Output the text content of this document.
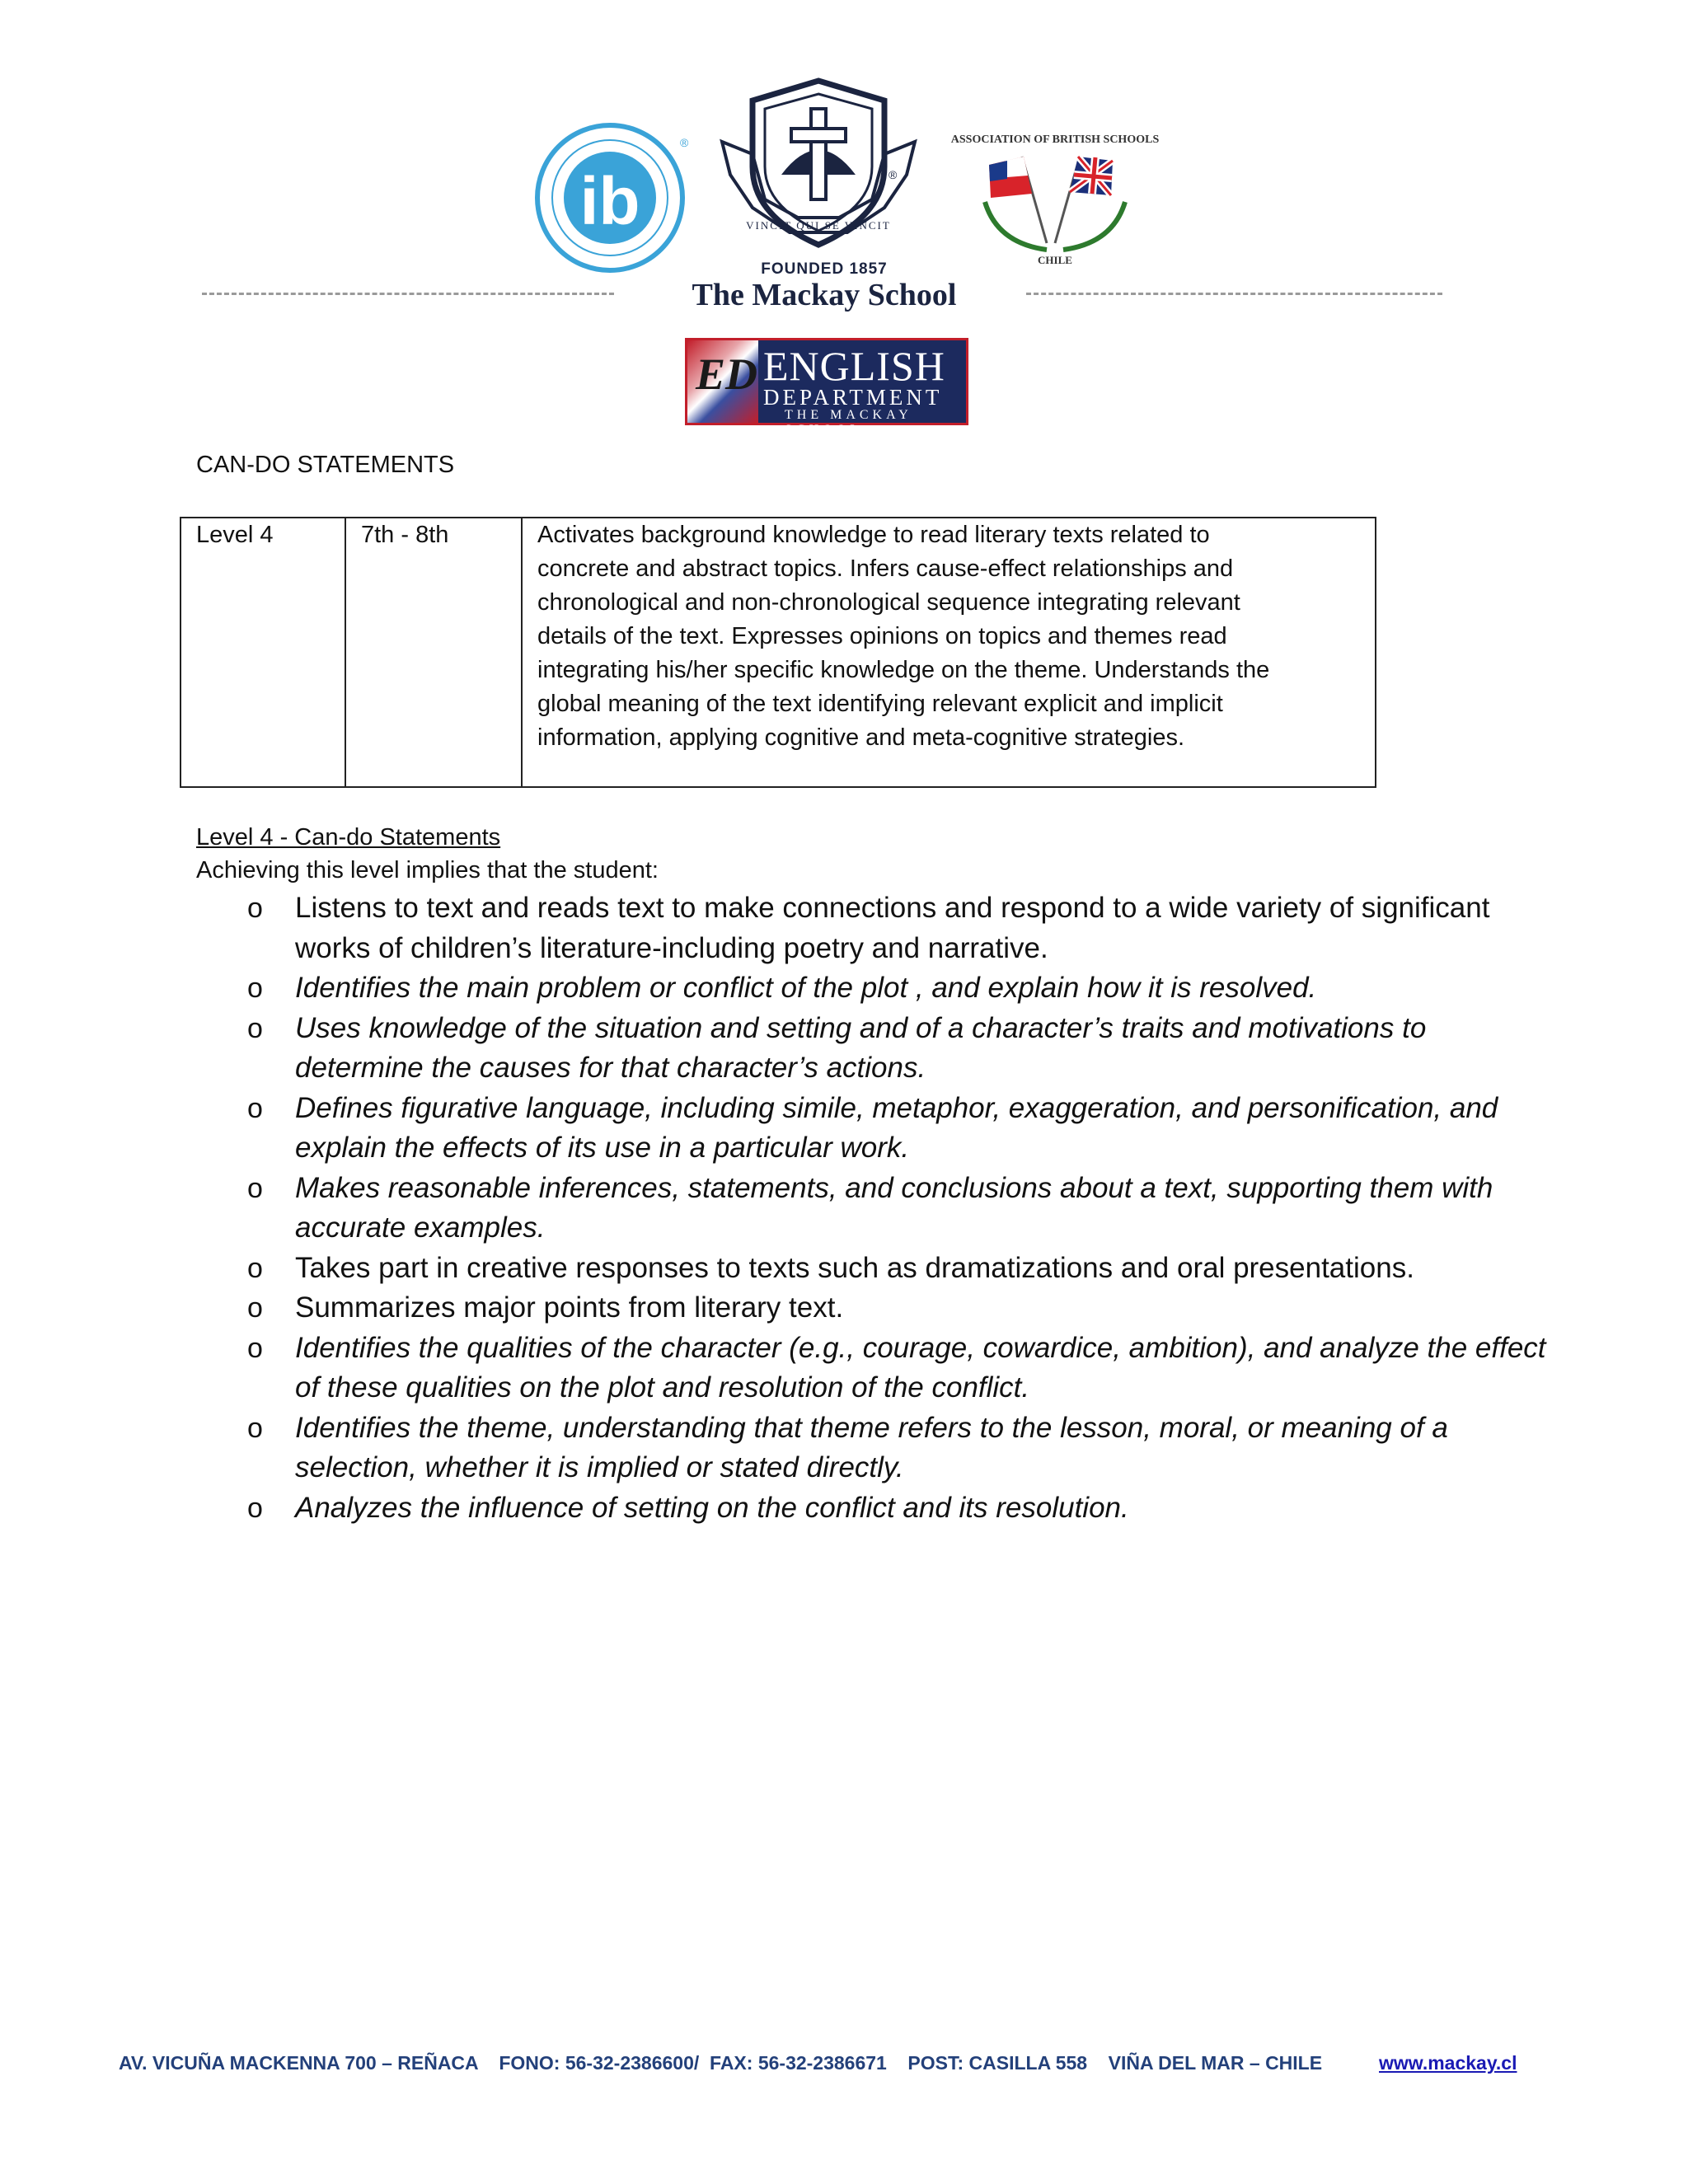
ib
®
VINCIT QUI SE VINCIT
®
FOUNDED 1857
The Mackay School
ASSOCIATION OF BRITISH SCHOOLS
CHILE
ED ENGLISH
DEPARTMENT
THE MACKAY SCHOOL
CAN-DO STATEMENTS
Level 4	7th - 8th	Activates background knowledge to read literary texts related to
concrete and abstract topics. Infers cause-effect relationships and
chronological and non-chronological sequence integrating relevant
details of the text. Expresses opinions on topics and themes read
integrating his/her specific knowledge on the theme. Understands the
global meaning of the text identifying relevant explicit and implicit
information, applying cognitive and meta-cognitive strategies.
Level 4 - Can-do Statements
Achieving this level implies that the student:
o Listens to text and reads text to make connections and respond to a wide variety of significant
works of children’s literature-including poetry and narrative.
o Identifies the main problem or conflict of the plot , and explain how it is resolved.
o Uses knowledge of the situation and setting and of a character’s traits and motivations to
determine the causes for that character’s actions.
o Defines figurative language, including simile, metaphor, exaggeration, and personification, and
explain the effects of its use in a particular work.
o Makes reasonable inferences, statements, and conclusions about a text, supporting them with
accurate examples.
o Takes part in creative responses to texts such as dramatizations and oral presentations.
o Summarizes major points from literary text.
o Identifies the qualities of the character (e.g., courage, cowardice, ambition), and analyze the effect
of these qualities on the plot and resolution of the conflict.
o Identifies the theme, understanding that theme refers to the lesson, moral, or meaning of a
selection, whether it is implied or stated directly.
o Analyzes the influence of setting on the conflict and its resolution.
AV. VICUÑA MACKENNA 700 – REÑACA    FONO: 56-32-2386600/  FAX: 56-32-2386671    POST: CASILLA 558    VIÑA DEL MAR – CHILE	www.mackay.cl
